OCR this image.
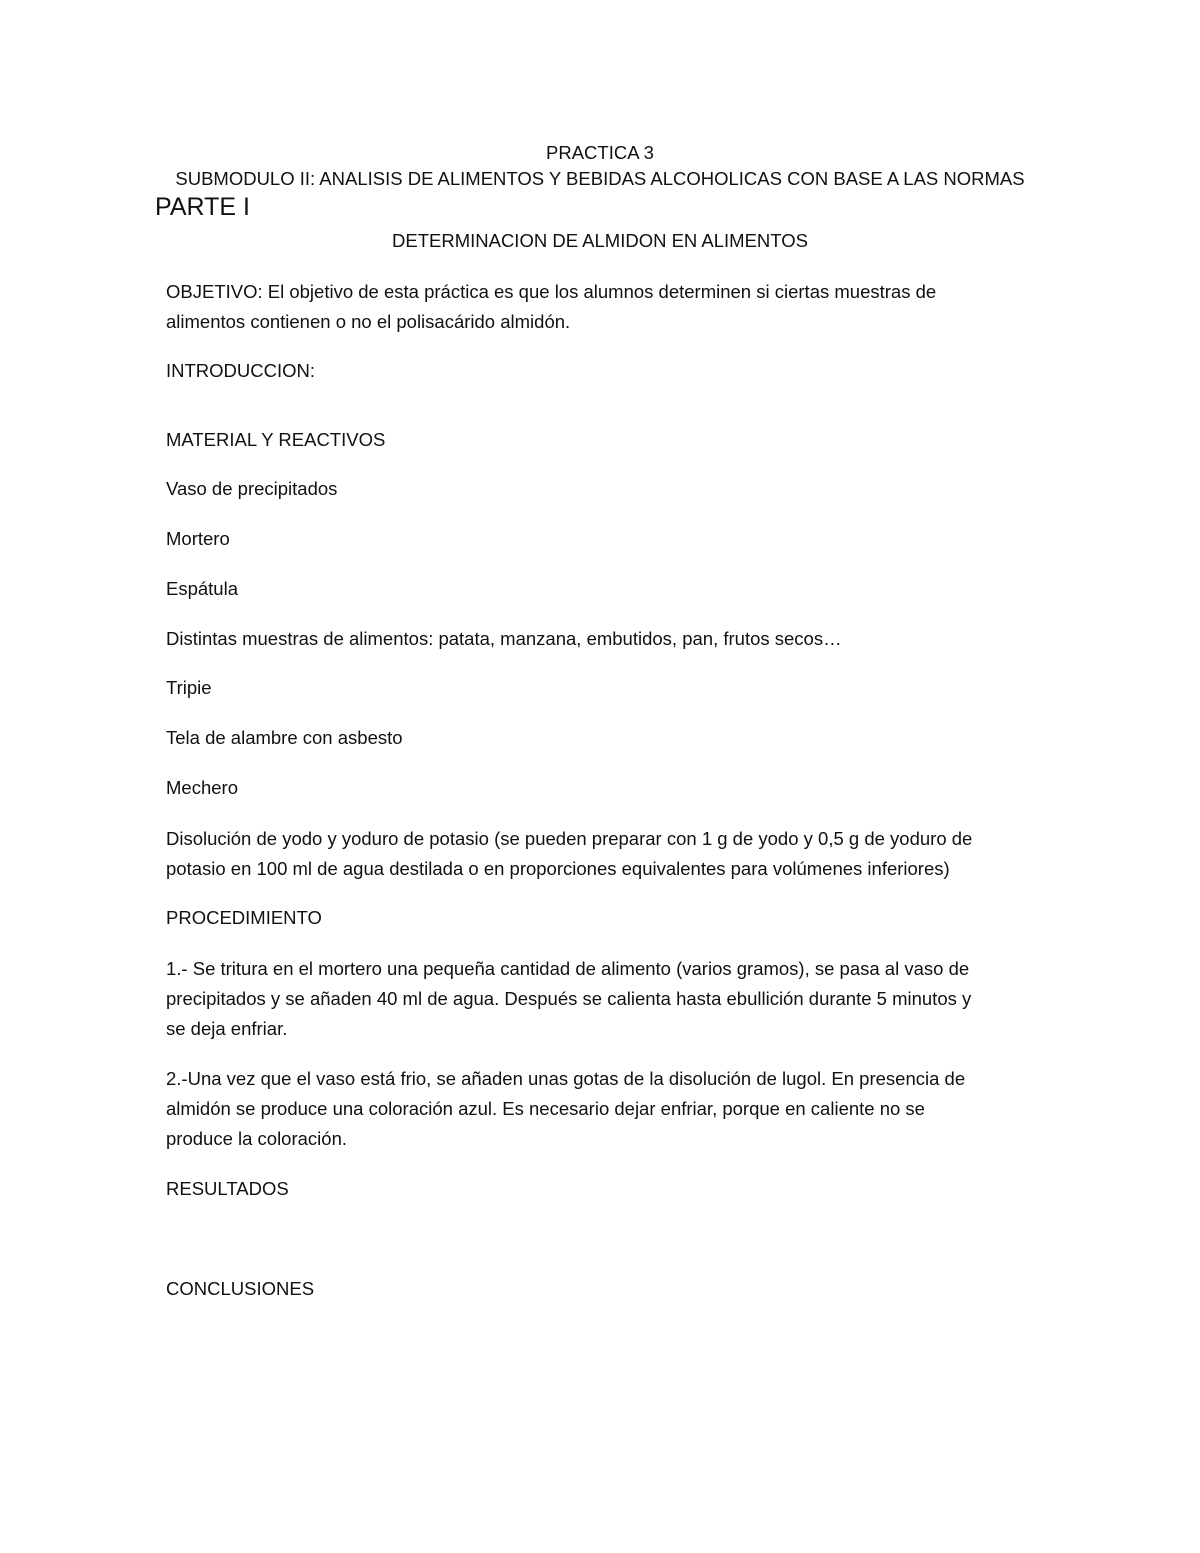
PRACTICA 3
SUBMODULO II: ANALISIS DE ALIMENTOS Y BEBIDAS ALCOHOLICAS CON BASE A LAS NORMAS
PARTE I
DETERMINACION DE ALMIDON EN ALIMENTOS
OBJETIVO: El objetivo de esta práctica es que los alumnos determinen si ciertas muestras de
alimentos contienen o no el polisacárido almidón.
INTRODUCCION:
MATERIAL Y REACTIVOS
Vaso de precipitados
Mortero
Espátula
Distintas muestras de alimentos: patata, manzana, embutidos, pan, frutos secos…
Tripie
Tela de alambre con asbesto
Mechero
Disolución de yodo y yoduro de potasio (se pueden preparar con 1 g de yodo y 0,5 g de yoduro de
potasio en 100 ml de agua destilada o en proporciones equivalentes para volúmenes inferiores)
PROCEDIMIENTO
1.- Se tritura en el mortero una pequeña cantidad de alimento (varios gramos), se pasa al vaso de
precipitados y se añaden 40 ml de agua. Después se calienta hasta ebullición durante 5 minutos y
se deja enfriar.
2.-Una vez que el vaso está frio, se añaden unas gotas de la disolución de lugol. En presencia de
almidón se produce una coloración azul. Es necesario dejar enfriar, porque en caliente no se
produce la coloración.
RESULTADOS
CONCLUSIONES
